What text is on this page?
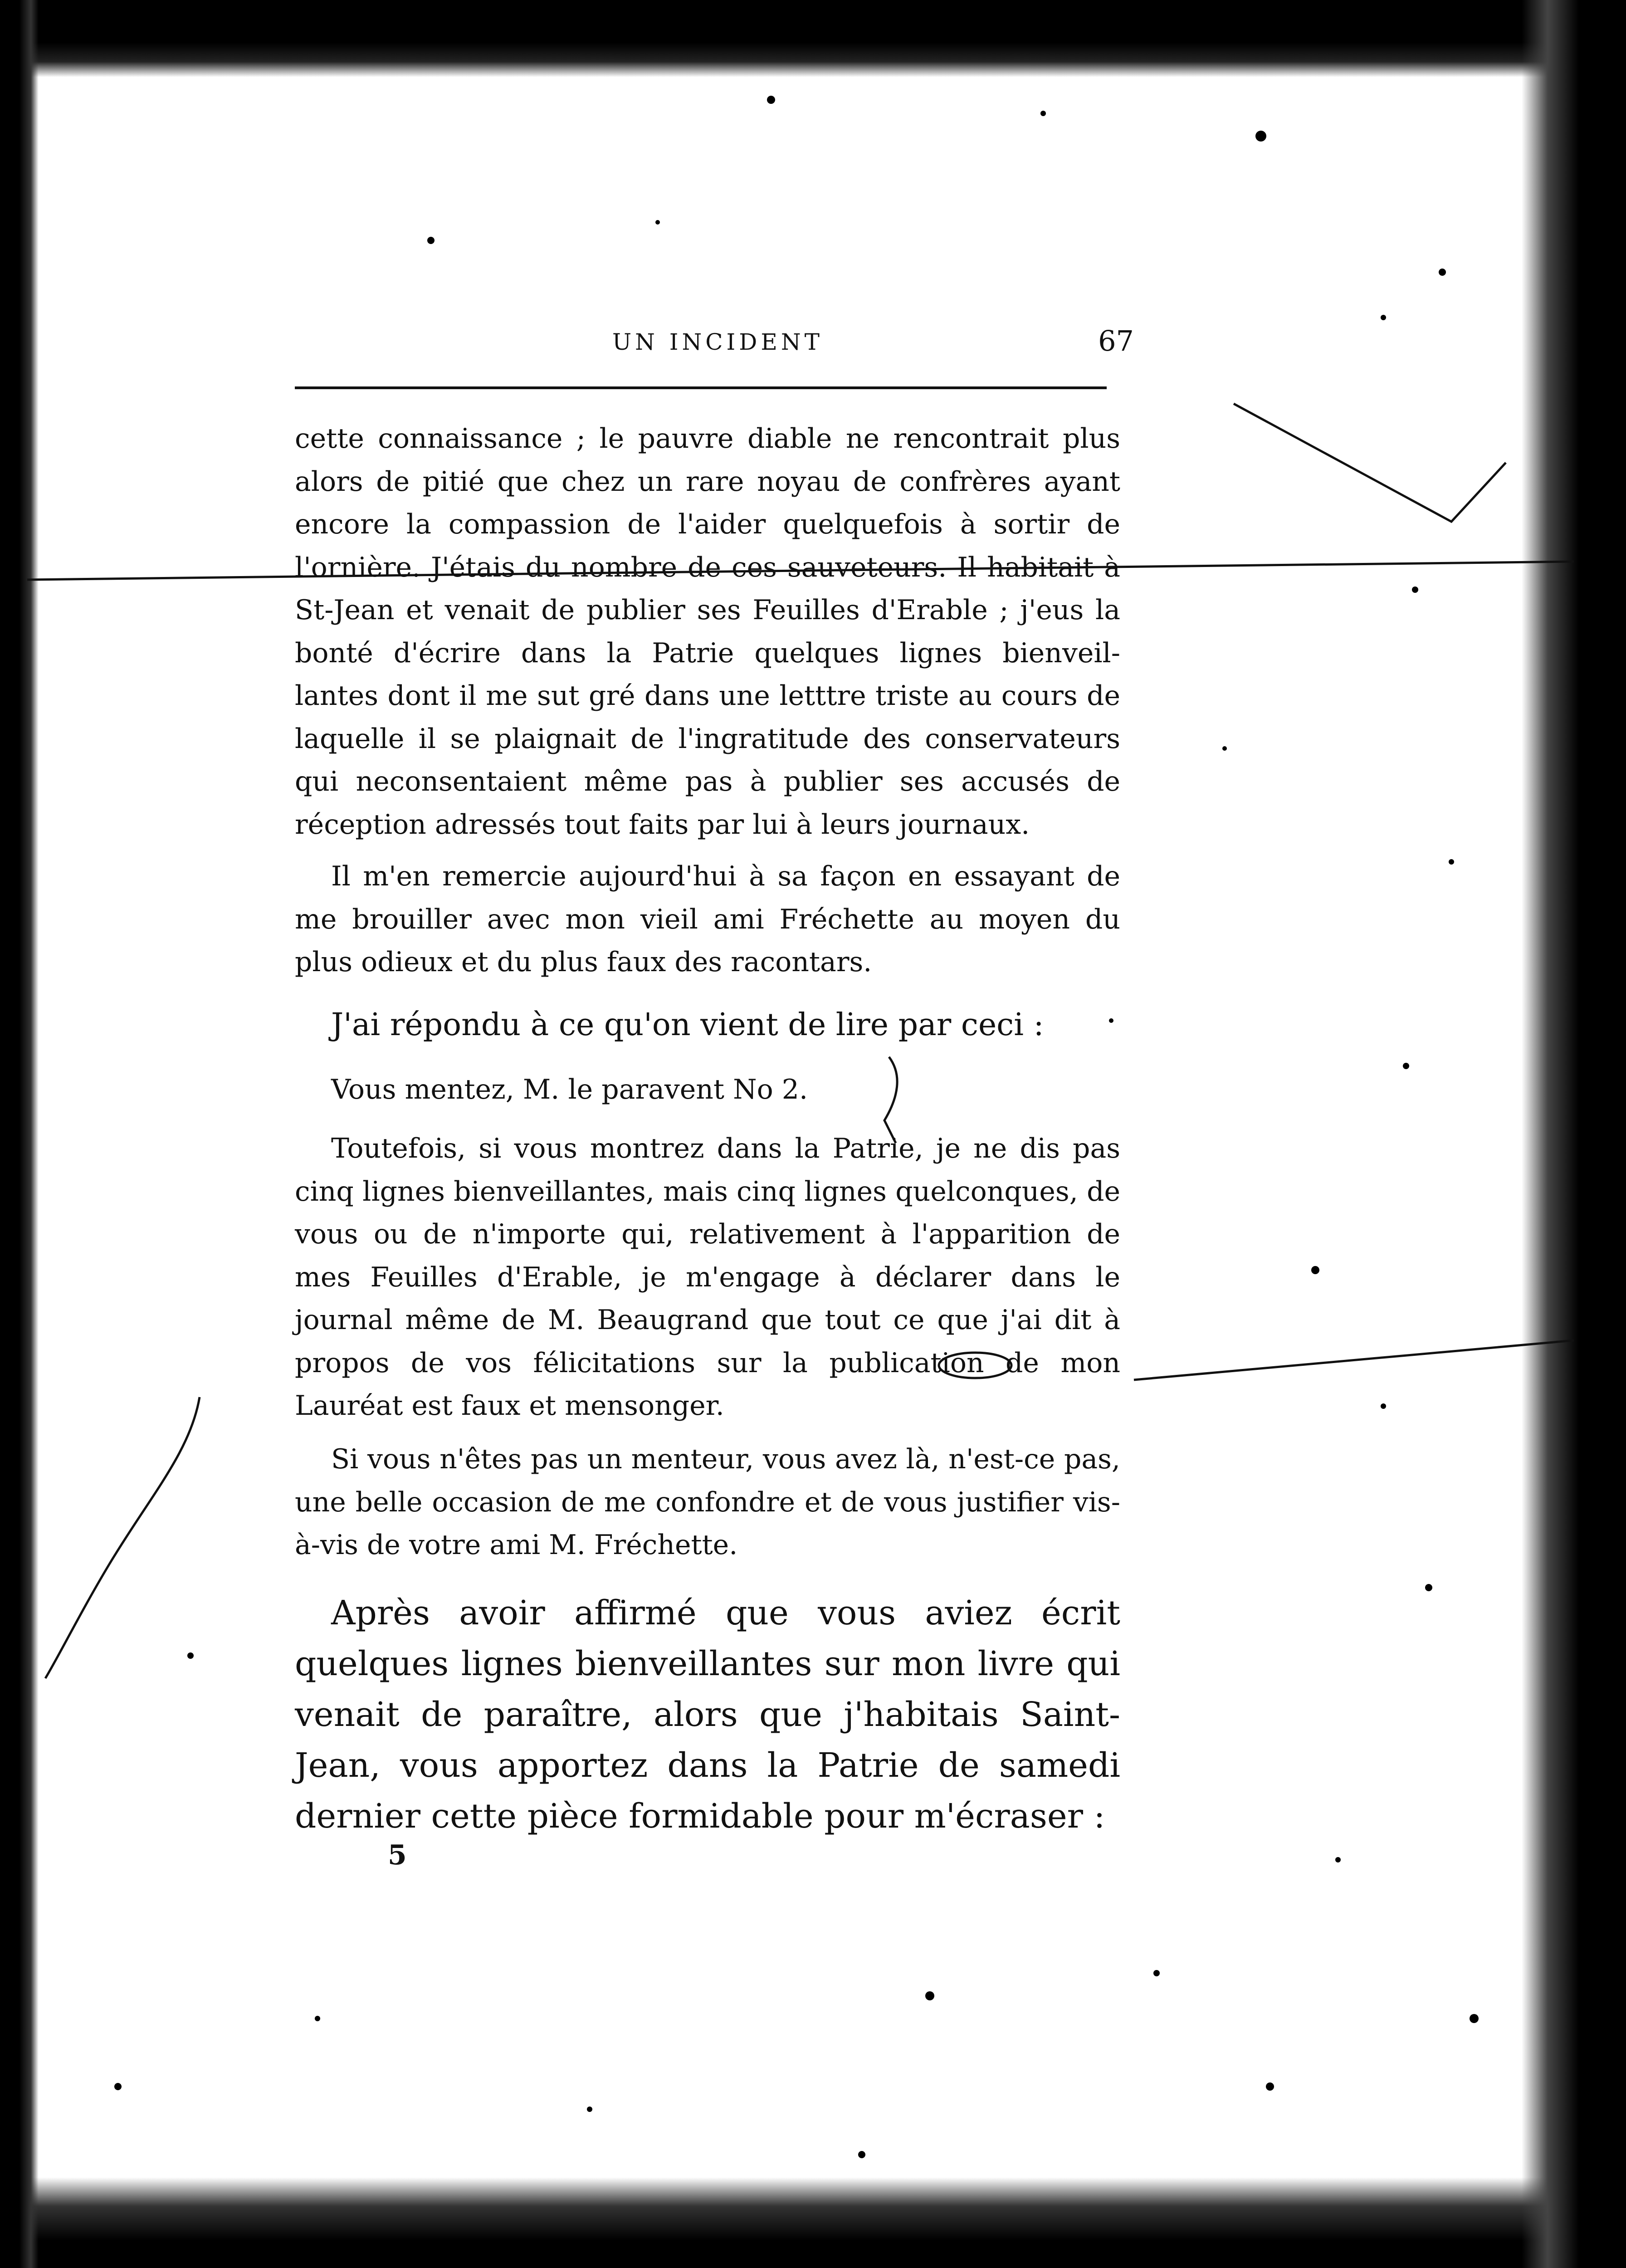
UN INCIDENT	67

cette connaissance ; le pauvre diable ne rencontrait plus alors de pitié que chez un rare noyau de confrères ayant encore la compassion de l'aider quelquefois à sortir de l'ornière. J'étais du nombre de ces sauveteurs. Il habitait à St-Jean et venait de publier ses Feuilles d'Erable ; j'eus la bonté d'écrire dans la Patrie quelques lignes bienveil-lantes dont il me sut gré dans une letttre triste au cours de laquelle il se plaignait de l'ingratitude des conservateurs qui neconsentaient même pas à publier ses accusés de réception adressés tout faits par lui à leurs journaux.

Il m'en remercie aujourd'hui à sa façon en essayant de me brouiller avec mon vieil ami Fréchette au moyen du plus odieux et du plus faux des racontars.

J'ai répondu à ce qu'on vient de lire par ceci :

Vous mentez, M. le paravent No 2.

Toutefois, si vous montrez dans la Patrie, je ne dis pas cinq lignes bienveillantes, mais cinq lignes quelconques, de vous ou de n'importe qui, relativement à l'apparition de mes Feuilles d'Erable, je m'engage à déclarer dans le journal même de M. Beaugrand que tout ce que j'ai dit à propos de vos félicitations sur la publication de mon Lauréat est faux et mensonger.

Si vous n'êtes pas un menteur, vous avez là, n'est-ce pas, une belle occasion de me confondre et de vous justifier vis-à-vis de votre ami M. Fréchette.

Après avoir affirmé que vous aviez écrit quelques lignes bienveillantes sur mon livre qui venait de paraître, alors que j'habitais Saint-Jean, vous apportez dans la Patrie de samedi dernier cette pièce formidable pour m'écraser :

5
